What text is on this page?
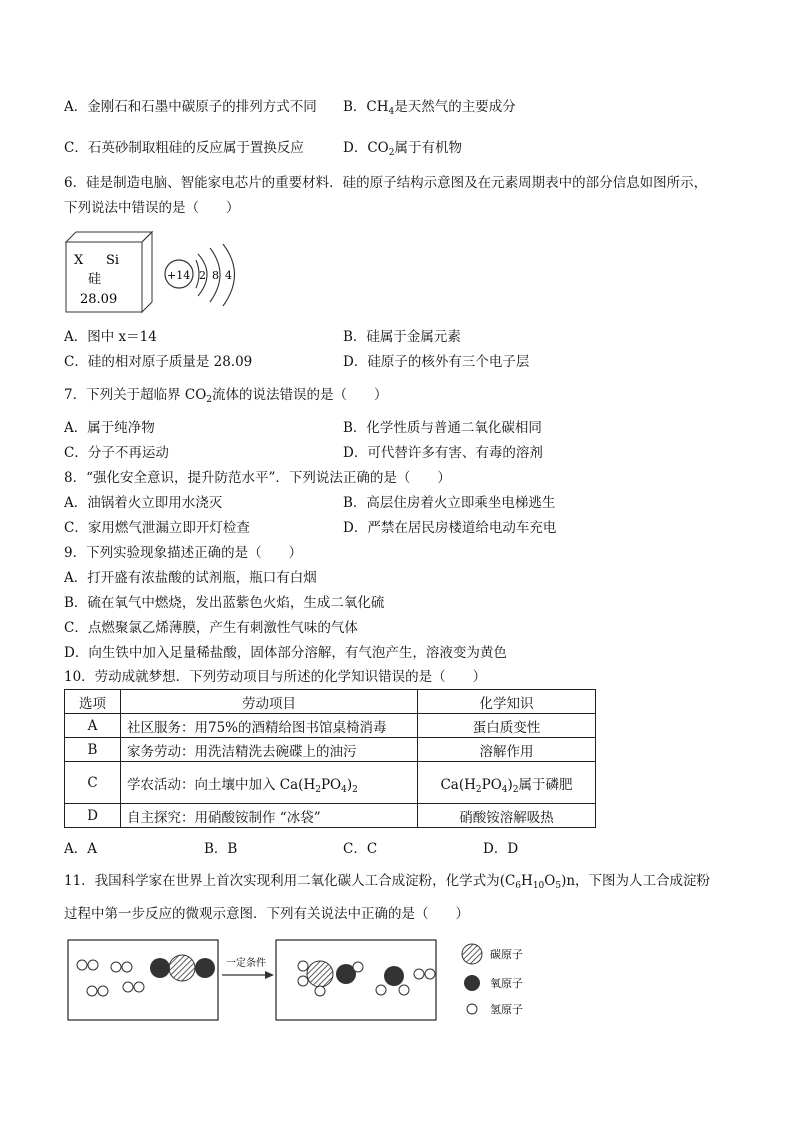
A．金刚石和石墨中碳原子的排列方式不同 B．$CH_4$是天然气的主要成分
C．石英砂制取粗硅的反应属于置换反应	D．$CO_2$属于有机物
6．硅是制造电脑、智能家电芯片的重要材料．硅的原子结构示意图及在元素周期表中的部分信息如图所示，
下列说法中错误的是（　　）
X Si
硅
28.09
+14 2 8 4
A．图中 x＝14	B．硅属于金属元素
C．硅的相对原子质量是 28.09	D．硅原子的核外有三个电子层
7．下列关于超临界 $CO_2$流体的说法错误的是（　　）
A．属于纯净物	B．化学性质与普通二氧化碳相同
C．分子不再运动	D．可代替许多有害、有毒的溶剂
8．“强化安全意识，提升防范水平”．下列说法正确的是（　　）
A．油锅着火立即用水浇灭	B．高层住房着火立即乘坐电梯逃生
C．家用燃气泄漏立即开灯检查	D．严禁在居民房楼道给电动车充电
9．下列实验现象描述正确的是（　　）
A．打开盛有浓盐酸的试剂瓶，瓶口有白烟
B．硫在氧气中燃烧，发出蓝紫色火焰，生成二氧化硫
C．点燃聚氯乙烯薄膜，产生有刺激性气味的气体
D．向生铁中加入足量稀盐酸，固体部分溶解，有气泡产生，溶液变为黄色
10．劳动成就梦想．下列劳动项目与所述的化学知识错误的是（　　）
选项	劳动项目	化学知识
A	社区服务：用75%的酒精给图书馆桌椅消毒	蛋白质变性
B	家务劳动：用洗洁精洗去碗碟上的油污	溶解作用
C	学农活动：向土壤中加入 $Ca(H_2PO_4)_2$	$Ca(H_2PO_4)_2$属于磷肥
D	自主探究：用硝酸铵制作 “冰袋”	硝酸铵溶解吸热
A．A	B．B	C．C	D．D
11．我国科学家在世界上首次实现利用二氧化碳人工合成淀粉，化学式为$(C_6H_{10}O_5)n$，下图为人工合成淀粉
过程中第一步反应的微观示意图．下列有关说法中正确的是（　　）
一定条件
碳原子
氧原子
氢原子
